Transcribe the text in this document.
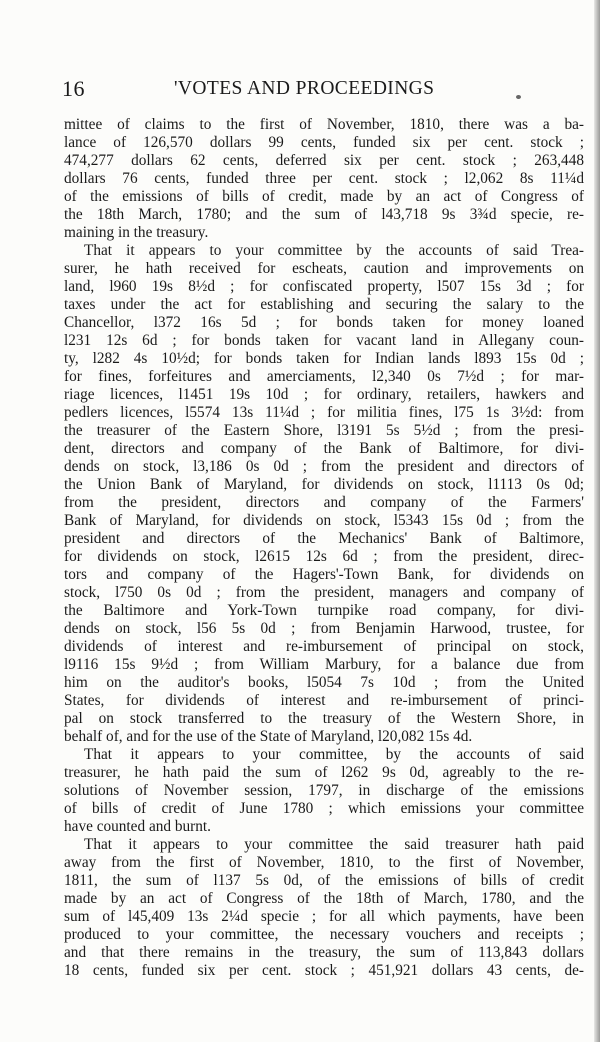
16	'VOTES AND PROCEEDINGS
mittee of claims to the first of November, 1810, there was a ba-
lance of 126,570 dollars 99 cents, funded six per cent. stock ;
474,277 dollars 62 cents, deferred six per cent. stock ; 263,448
dollars 76 cents, funded three per cent. stock ; l2,062 8s 11¼d
of the emissions of bills of credit, made by an act of Congress of
the 18th March, 1780; and the sum of l43,718 9s 3¾d specie, re-
maining in the treasury.
That it appears to your committee by the accounts of said Trea-
surer, he hath received for escheats, caution and improvements on
land, l960 19s 8½d ; for confiscated property, l507 15s 3d ; for
taxes under the act for establishing and securing the salary to the
Chancellor, l372 16s 5d ; for bonds taken for money loaned
l231 12s 6d ; for bonds taken for vacant land in Allegany coun-
ty, l282 4s 10½d; for bonds taken for Indian lands l893 15s 0d ;
for fines, forfeitures and amerciaments, l2,340 0s 7½d ; for mar-
riage licences, l1451 19s 10d ; for ordinary, retailers, hawkers and
pedlers licences, l5574 13s 11¼d ; for militia fines, l75 1s 3½d: from
the treasurer of the Eastern Shore, l3191 5s 5½d ; from the presi-
dent, directors and company of the Bank of Baltimore, for divi-
dends on stock, l3,186 0s 0d ; from the president and directors of
the Union Bank of Maryland, for dividends on stock, l1113 0s 0d;
from the president, directors and company of the Farmers'
Bank of Maryland, for dividends on stock, l5343 15s 0d ; from the
president and directors of the Mechanics' Bank of Baltimore,
for dividends on stock, l2615 12s 6d ; from the president, direc-
tors and company of the Hagers'-Town Bank, for dividends on
stock, l750 0s 0d ; from the president, managers and company of
the Baltimore and York-Town turnpike road company, for divi-
dends on stock, l56 5s 0d ; from Benjamin Harwood, trustee, for
dividends of interest and re-imbursement of principal on stock,
l9116 15s 9½d ; from William Marbury, for a balance due from
him on the auditor's books, l5054 7s 10d ; from the United
States, for dividends of interest and re-imbursement of princi-
pal on stock transferred to the treasury of the Western Shore, in
behalf of, and for the use of the State of Maryland, l20,082 15s 4d.
That it appears to your committee, by the accounts of said
treasurer, he hath paid the sum of l262 9s 0d, agreably to the re-
solutions of November session, 1797, in discharge of the emissions
of bills of credit of June 1780 ; which emissions your committee
have counted and burnt.
That it appears to your committee the said treasurer hath paid
away from the first of November, 1810, to the first of November,
1811, the sum of l137 5s 0d, of the emissions of bills of credit
made by an act of Congress of the 18th of March, 1780, and the
sum of l45,409 13s 2¼d specie ; for all which payments, have been
produced to your committee, the necessary vouchers and receipts ;
and that there remains in the treasury, the sum of 113,843 dollars
18 cents, funded six per cent. stock ; 451,921 dollars 43 cents, de-
